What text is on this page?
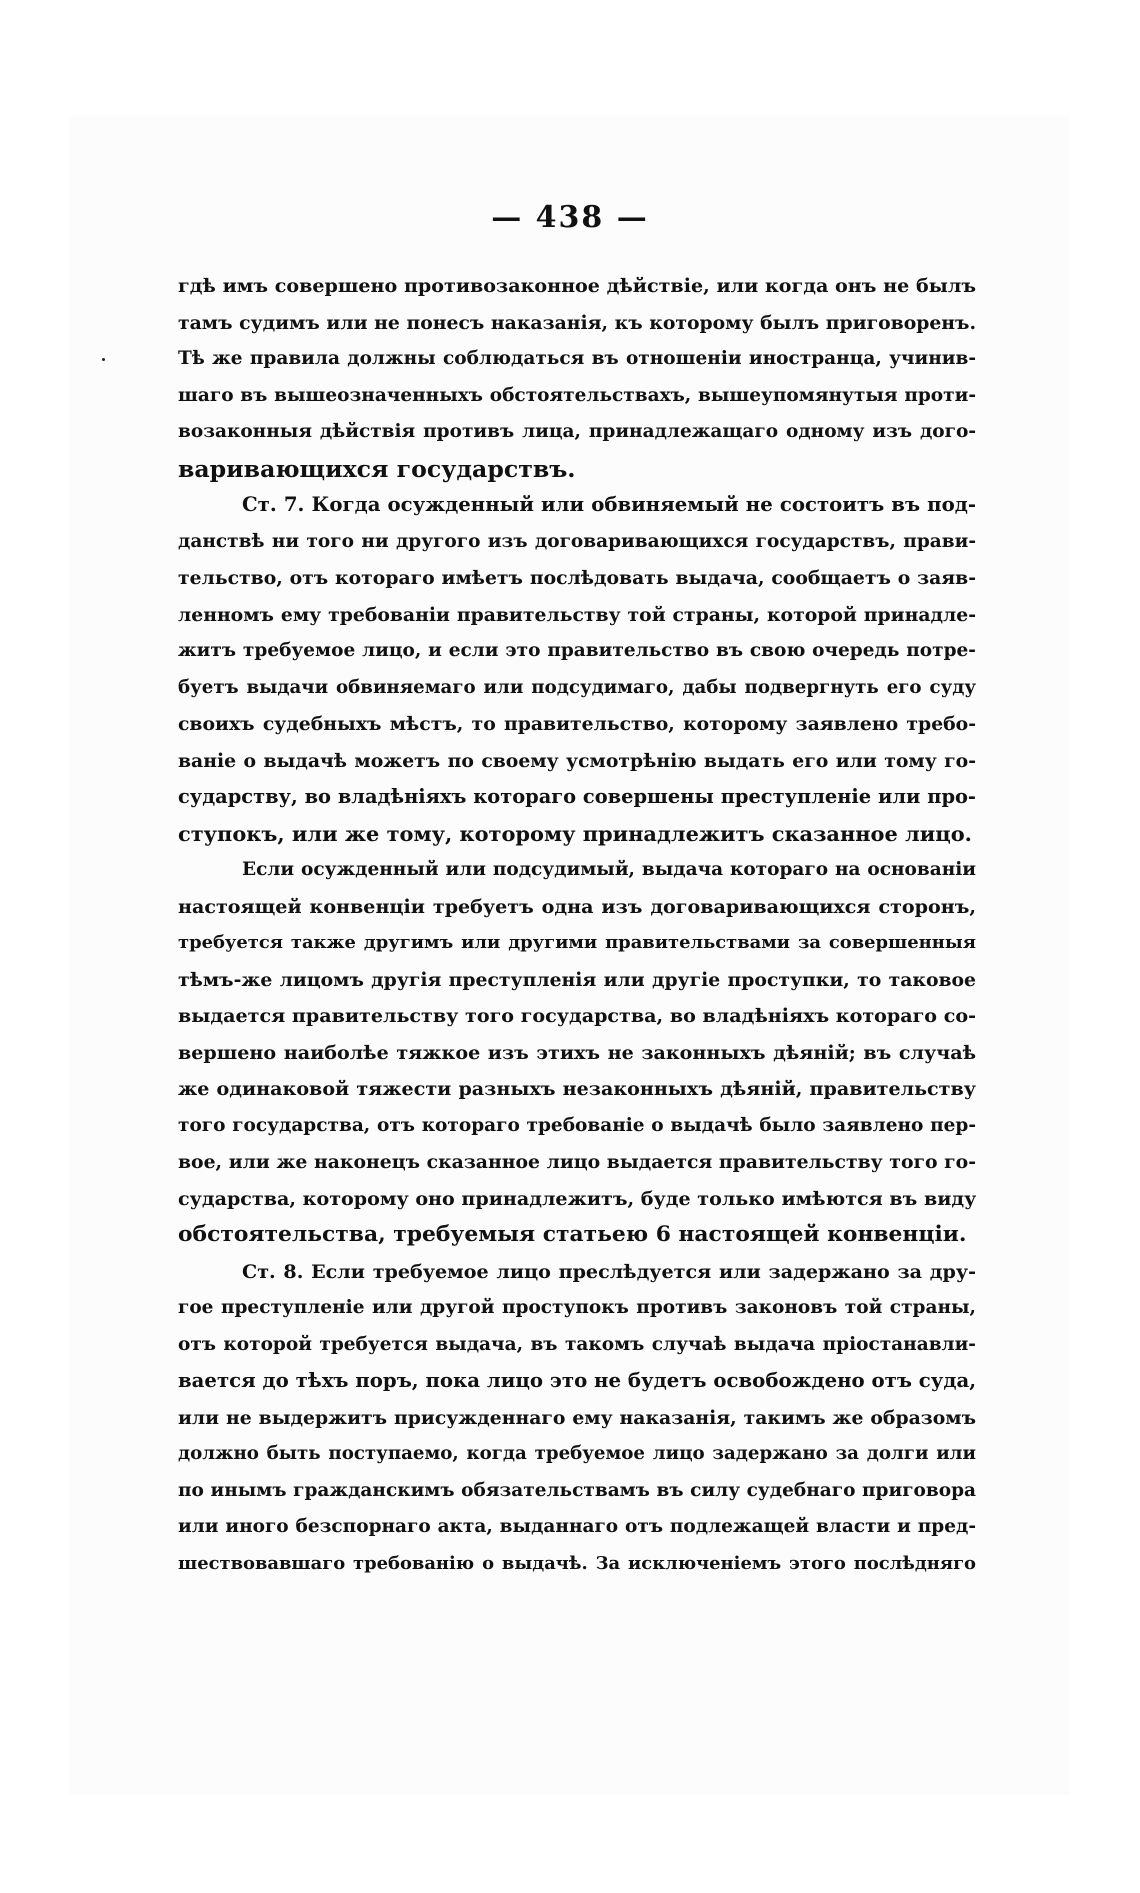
— 438 —
гдѣ имъ совершено противозаконное дѣйствіе, или когда онъ не былъ
тамъ судимъ или не понесъ наказанія, къ которому былъ приговоренъ.
Тѣ же правила должны соблюдаться въ отношеніи иностранца, учинив-
шаго въ вышеозначенныхъ обстоятельствахъ, вышеупомянутыя проти-
возаконныя дѣйствія противъ лица, принадлежащаго одному изъ дого-
варивающихся государствъ.
Ст. 7. Когда осужденный или обвиняемый не состоитъ въ под-
данствѣ ни того ни другого изъ договаривающихся государствъ, прави-
тельство, отъ котораго имѣетъ послѣдовать выдача, сообщаетъ о заяв-
ленномъ ему требованіи правительству той страны, которой принадле-
житъ требуемое лицо, и если это правительство въ свою очередь потре-
буетъ выдачи обвиняемаго или подсудимаго, дабы подвергнуть его суду
своихъ судебныхъ мѣстъ, то правительство, которому заявлено требо-
ваніе о выдачѣ можетъ по своему усмотрѣнію выдать его или тому го-
сударству, во владѣніяхъ котораго совершены преступленіе или про-
ступокъ, или же тому, которому принадлежитъ сказанное лицо.
Если осужденный или подсудимый, выдача котораго на основаніи
настоящей конвенціи требуетъ одна изъ договаривающихся сторонъ,
требуется также другимъ или другими правительствами за совершенныя
тѣмъ-же лицомъ другія преступленія или другіе проступки, то таковое
выдается правительству того государства, во владѣніяхъ котораго со-
вершено наиболѣе тяжкое изъ этихъ не законныхъ дѣяній; въ случаѣ
же одинаковой тяжести разныхъ незаконныхъ дѣяній, правительству
того государства, отъ котораго требованіе о выдачѣ было заявлено пер-
вое, или же наконецъ сказанное лицо выдается правительству того го-
сударства, которому оно принадлежитъ, буде только имѣются въ виду
обстоятельства, требуемыя статьею 6 настоящей конвенціи.
Ст. 8. Если требуемое лицо преслѣдуется или задержано за дру-
гое преступленіе или другой проступокъ противъ законовъ той страны,
отъ которой требуется выдача, въ такомъ случаѣ выдача пріостанавли-
вается до тѣхъ поръ, пока лицо это не будетъ освобождено отъ суда,
или не выдержитъ присужденнаго ему наказанія, такимъ же образомъ
должно быть поступаемо, когда требуемое лицо задержано за долги или
по инымъ гражданскимъ обязательствамъ въ силу судебнаго приговора
или иного безспорнаго акта, выданнаго отъ подлежащей власти и пред-
шествовавшаго требованію о выдачѣ. За исключеніемъ этого послѣдняго
